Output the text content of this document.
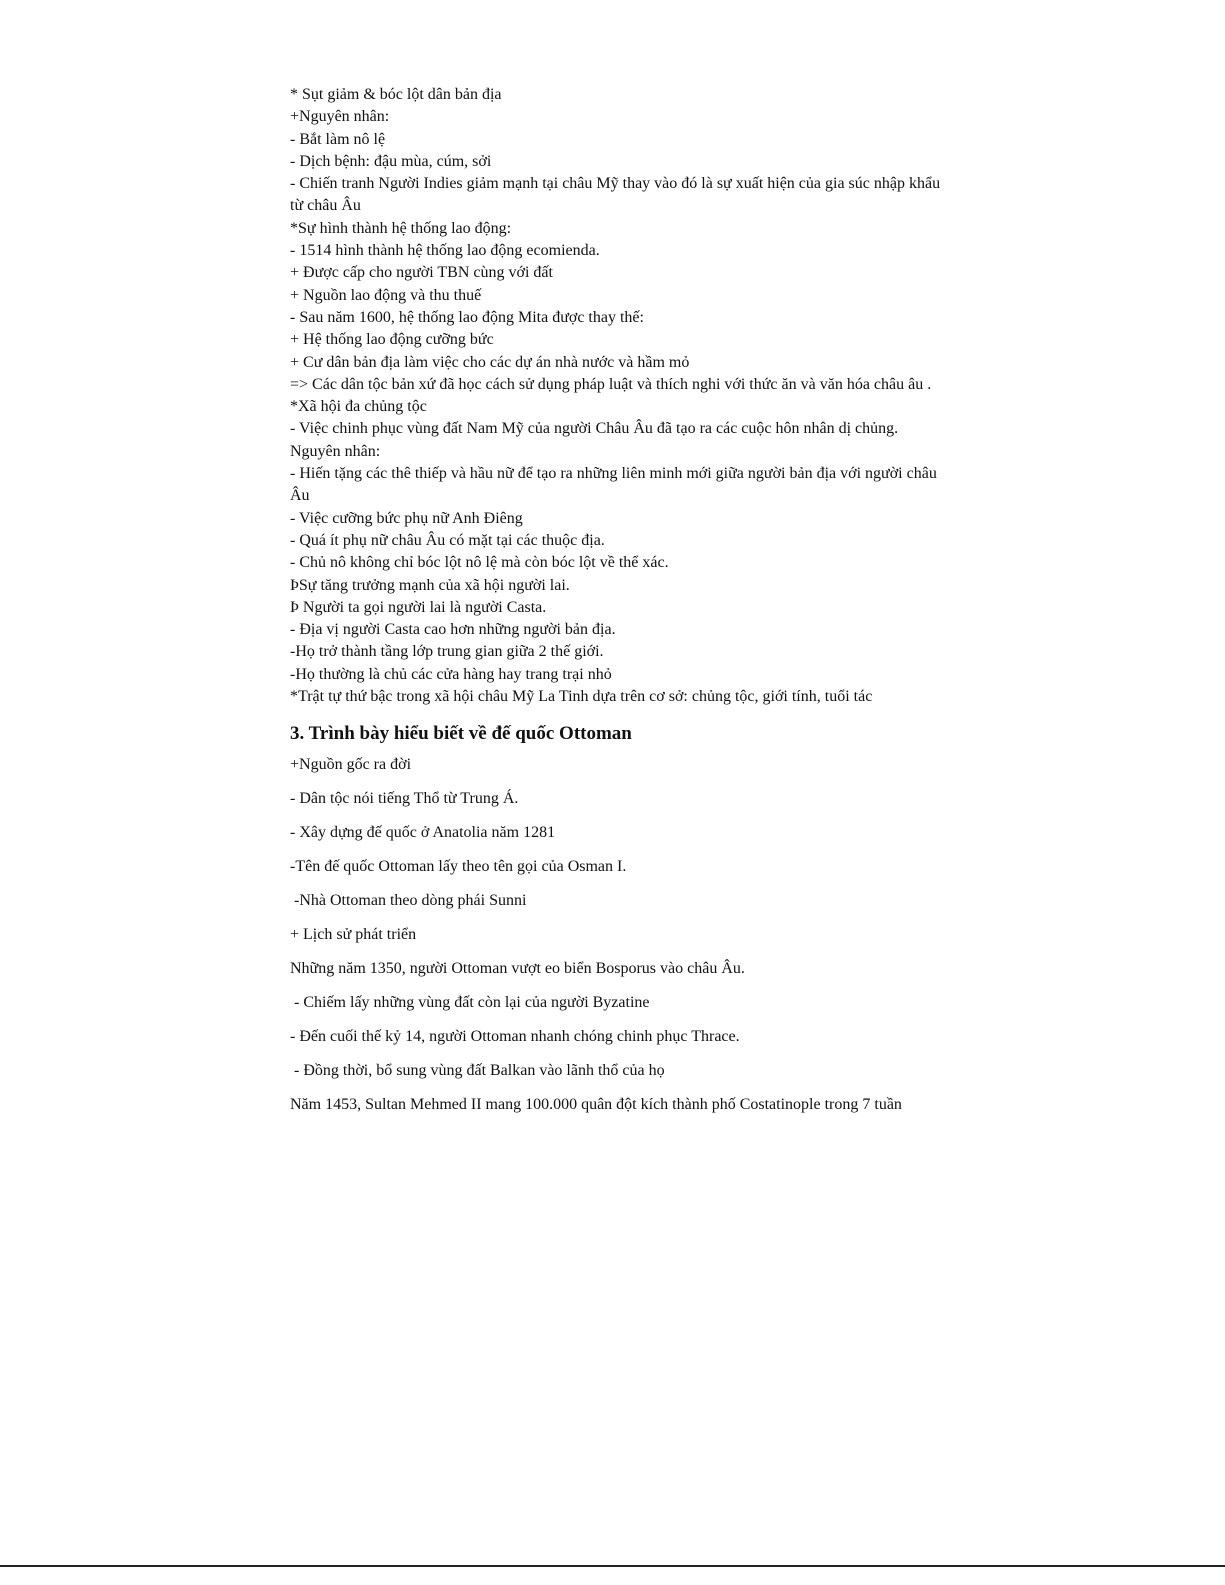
* Sụt giảm & bóc lột dân bản địa

+Nguyên nhân:

- Bắt làm nô lệ

- Dịch bệnh: đậu mùa, cúm, sởi

- Chiến tranh Người Indies giảm mạnh tại châu Mỹ thay vào đó là sự xuất hiện của gia súc nhập khẩu từ châu Âu

*Sự hình thành hệ thống lao động:

- 1514 hình thành hệ thống lao động ecomienda.

+ Được cấp cho người TBN cùng với đất

+ Nguồn lao động và thu thuế

- Sau năm 1600, hệ thống lao động Mita được thay thế:

+ Hệ thống lao động cưỡng bức

+ Cư dân bản địa làm việc cho các dự án nhà nước và hầm mỏ

=> Các dân tộc bản xứ đã học cách sử dụng pháp luật và thích nghi với thức ăn và văn hóa châu âu .

*Xã hội đa chủng tộc

- Việc chinh phục vùng đất Nam Mỹ của người Châu Âu đã tạo ra các cuộc hôn nhân dị chủng. Nguyên nhân:

- Hiến tặng các thê thiếp và hầu nữ để tạo ra những liên minh mới giữa người bản địa với người châu Âu

- Việc cưỡng bức phụ nữ Anh Điêng

- Quá ít phụ nữ châu Âu có mặt tại các thuộc địa.

- Chủ nô không chỉ bóc lột nô lệ mà còn bóc lột về thể xác.

ÞSự tăng trưởng mạnh của xã hội người lai.

Þ Người ta gọi người lai là người Casta.

- Địa vị người Casta cao hơn những người bản địa.

-Họ trở thành tầng lớp trung gian giữa 2 thế giới.

-Họ thường là chủ các cửa hàng hay trang trại nhỏ

*Trật tự thứ bậc trong xã hội châu Mỹ La Tinh dựa trên cơ sở: chủng tộc, giới tính, tuổi tác

3. Trình bày hiểu biết về đế quốc Ottoman

+Nguồn gốc ra đời

- Dân tộc nói tiếng Thổ từ Trung Á.

- Xây dựng đế quốc ở Anatolia năm 1281

-Tên đế quốc Ottoman lấy theo tên gọi của Osman I.

-Nhà Ottoman theo dòng phái Sunni

+ Lịch sử phát triển

Những năm 1350, người Ottoman vượt eo biển Bosporus vào châu Âu.

- Chiếm lấy những vùng đất còn lại của người Byzatine

- Đến cuối thế kỷ 14, người Ottoman nhanh chóng chinh phục Thrace.

- Đồng thời, bổ sung vùng đất Balkan vào lãnh thổ của họ

Năm 1453, Sultan Mehmed II mang 100.000 quân đột kích thành phố Costatinople trong 7 tuần
